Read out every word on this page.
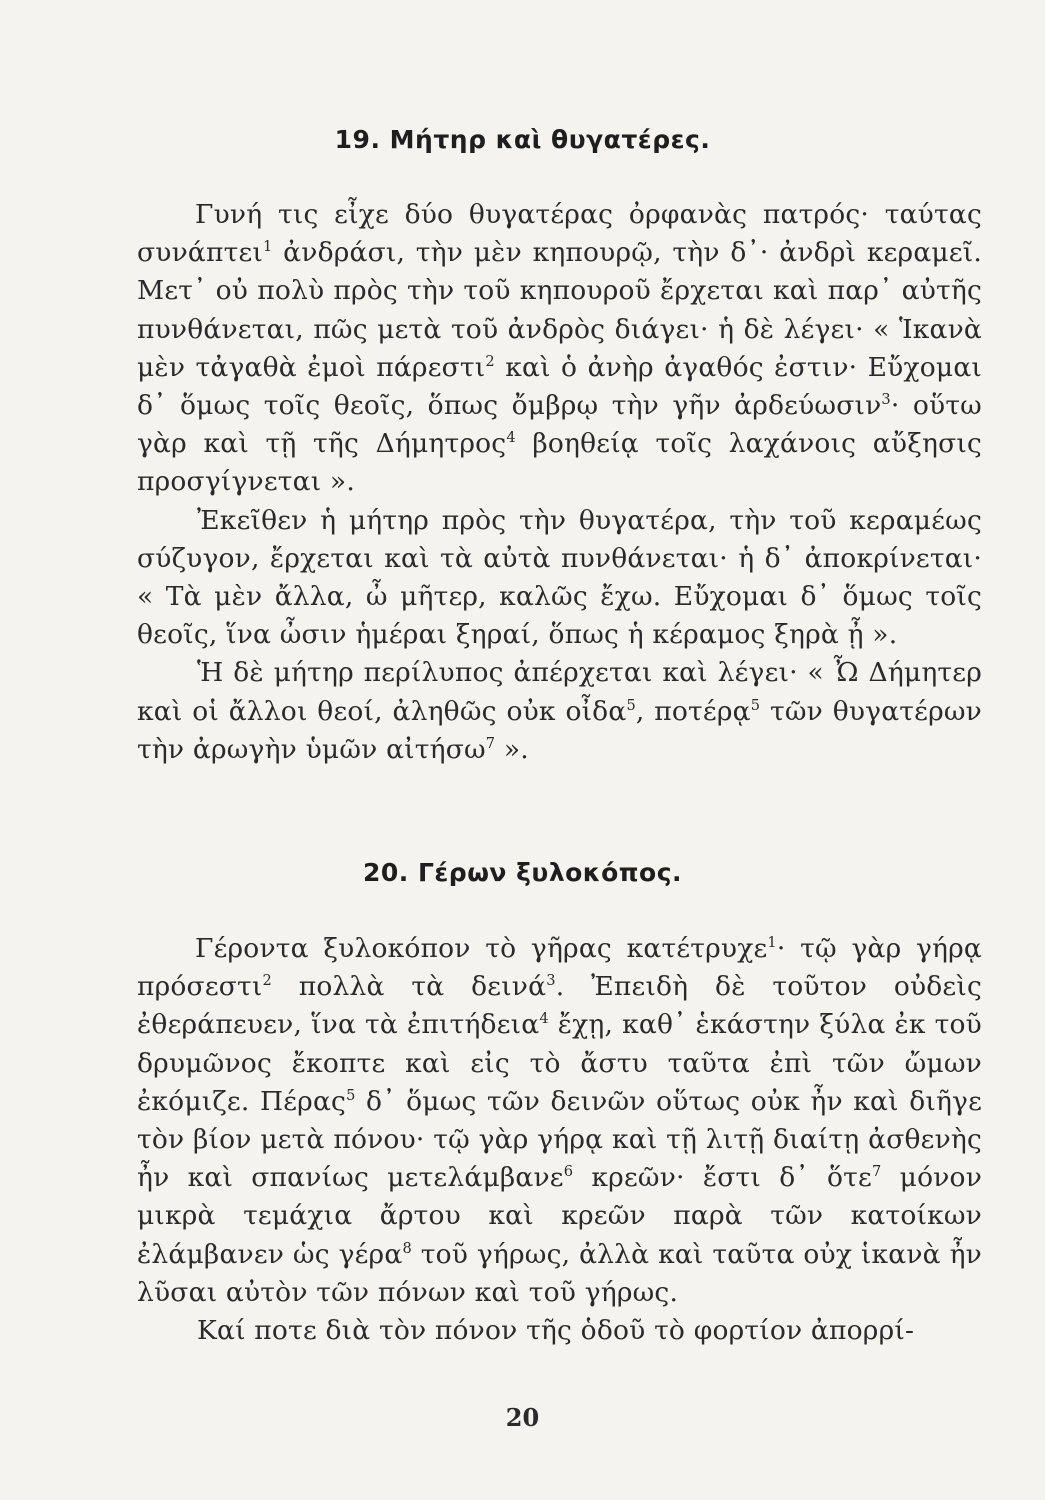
19. Μήτηρ καὶ θυγατέρες.

Γυνή τις εἶχε δύο θυγατέρας ὀρφανὰς πατρός· ταύτας συνάπτει$^1$ ἀνδράσι, τὴν μὲν κηπουρῷ, τὴν δ᾽· ἀνδρὶ κεραμεῖ. Μετ᾽ οὐ πολὺ πρὸς τὴν τοῦ κηπουροῦ ἔρχεται καὶ παρ᾽ αὐτῆς πυνθάνεται, πῶς μετὰ τοῦ ἀνδρὸς διάγει· ἡ δὲ λέγει· « Ἱκανὰ μὲν τἀγαθὰ ἐμοὶ πάρεστι$^2$ καὶ ὁ ἀνὴρ ἀγαθός ἐστιν· Εὔχομαι δ᾽ ὅμως τοῖς θεοῖς, ὅπως ὄμβρῳ τὴν γῆν ἀρδεύωσιν$^3$· οὕτω γὰρ καὶ τῇ τῆς Δήμητρος$^4$ βοηθείᾳ τοῖς λαχάνοις αὔξησις προσγίγνεται ».

Ἐκεῖθεν ἡ μήτηρ πρὸς τὴν θυγατέρα, τὴν τοῦ κεραμέως σύζυγον, ἔρχεται καὶ τὰ αὐτὰ πυνθάνεται· ἡ δ᾽ ἀποκρίνεται· « Τὰ μὲν ἄλλα, ὦ μῆτερ, καλῶς ἔχω. Εὔχομαι δ᾽ ὅμως τοῖς θεοῖς, ἵνα ὦσιν ἡμέραι ξηραί, ὅπως ἡ κέραμος ξηρὰ ᾖ ».

Ἡ δὲ μήτηρ περίλυπος ἀπέρχεται καὶ λέγει· « Ὦ Δήμητερ καὶ οἱ ἄλλοι θεοί, ἀληθῶς οὐκ οἶδα$^5$, ποτέρᾳ$^5$ τῶν θυγατέρων τὴν ἀρωγὴν ὑμῶν αἰτήσω$^7$ ».

20. Γέρων ξυλοκόπος.

Γέροντα ξυλοκόπον τὸ γῆρας κατέτρυχε$^1$· τῷ γὰρ γήρᾳ πρόσεστι$^2$ πολλὰ τὰ δεινά$^3$. Ἐπειδὴ δὲ τοῦτον οὐδεὶς ἐθεράπευεν, ἵνα τὰ ἐπιτήδεια$^4$ ἔχῃ, καθ᾽ ἑκάστην ξύλα ἐκ τοῦ δρυμῶνος ἔκοπτε καὶ εἰς τὸ ἄστυ ταῦτα ἐπὶ τῶν ὤμων ἐκόμιζε. Πέρας$^5$ δ᾽ ὅμως τῶν δεινῶν οὕτως οὐκ ἦν καὶ διῆγε τὸν βίον μετὰ πόνου· τῷ γὰρ γήρᾳ καὶ τῇ λιτῇ διαίτῃ ἀσθενὴς ἦν καὶ σπανίως μετελάμβανε$^6$ κρεῶν· ἔστι δ᾽ ὅτε$^7$ μόνον μικρὰ τεμάχια ἄρτου καὶ κρεῶν παρὰ τῶν κατοίκων ἐλάμβανεν ὡς γέρα$^8$ τοῦ γήρως, ἀλλὰ καὶ ταῦτα οὐχ ἱκανὰ ἦν λῦσαι αὐτὸν τῶν πόνων καὶ τοῦ γήρως.

Καί ποτε διὰ τὸν πόνον τῆς ὁδοῦ τὸ φορτίον ἀπορρί-

20
